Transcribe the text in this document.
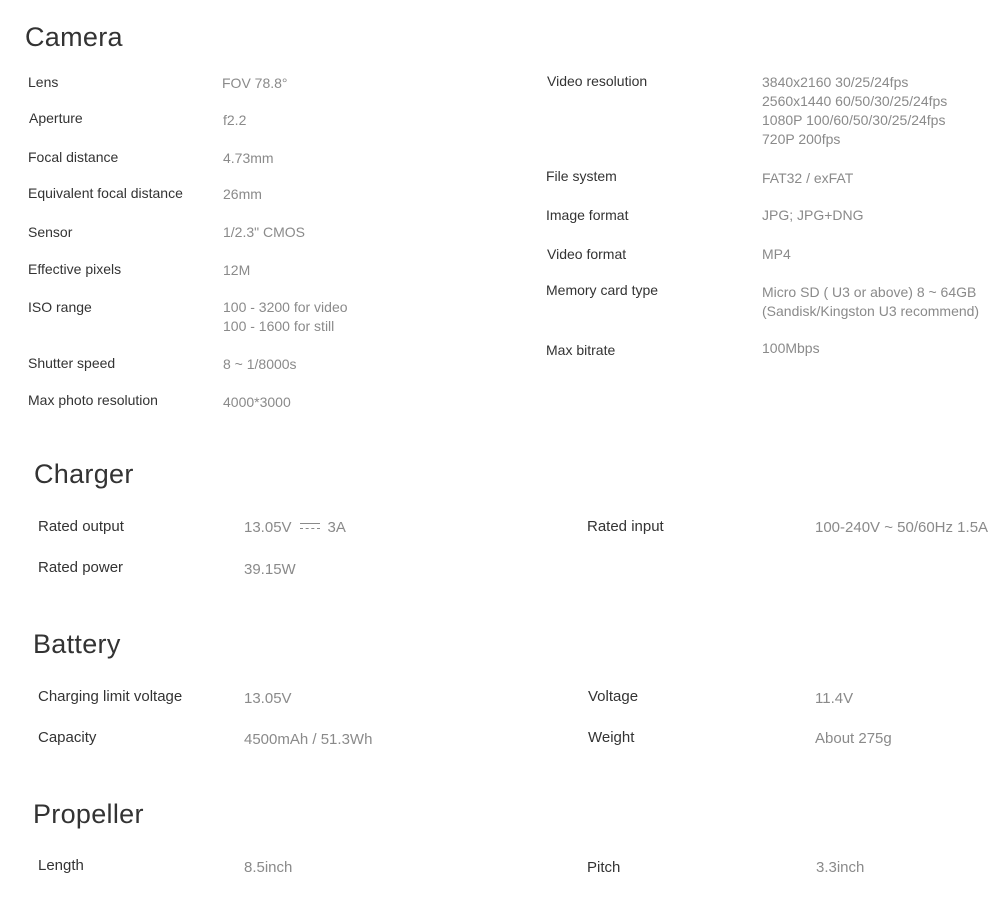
Camera
Lens	FOV 78.8°
Aperture	f2.2
Focal distance	4.73mm
Equivalent focal distance	26mm
Sensor	1/2.3" CMOS
Effective pixels	12M
ISO range	100 - 3200 for video
100 - 1600 for still
Shutter speed	8 ~ 1/8000s
Max photo resolution	4000*3000
Video resolution	3840x2160 30/25/24fps
2560x1440 60/50/30/25/24fps
1080P 100/60/50/30/25/24fps
720P 200fps
File system	FAT32 / exFAT
Image format	JPG; JPG+DNG
Video format	MP4
Memory card type	Micro SD ( U3 or above) 8 ~ 64GB
(Sandisk/Kingston U3 recommend)
Max bitrate	100Mbps
Charger
Rated output	13.05V 3A
Rated power	39.15W
Rated input	100-240V ~ 50/60Hz 1.5A
Battery
Charging limit voltage	13.05V
Capacity	4500mAh / 51.3Wh
Voltage	11.4V
Weight	About 275g
Propeller
Length	8.5inch	Pitch	3.3inch
